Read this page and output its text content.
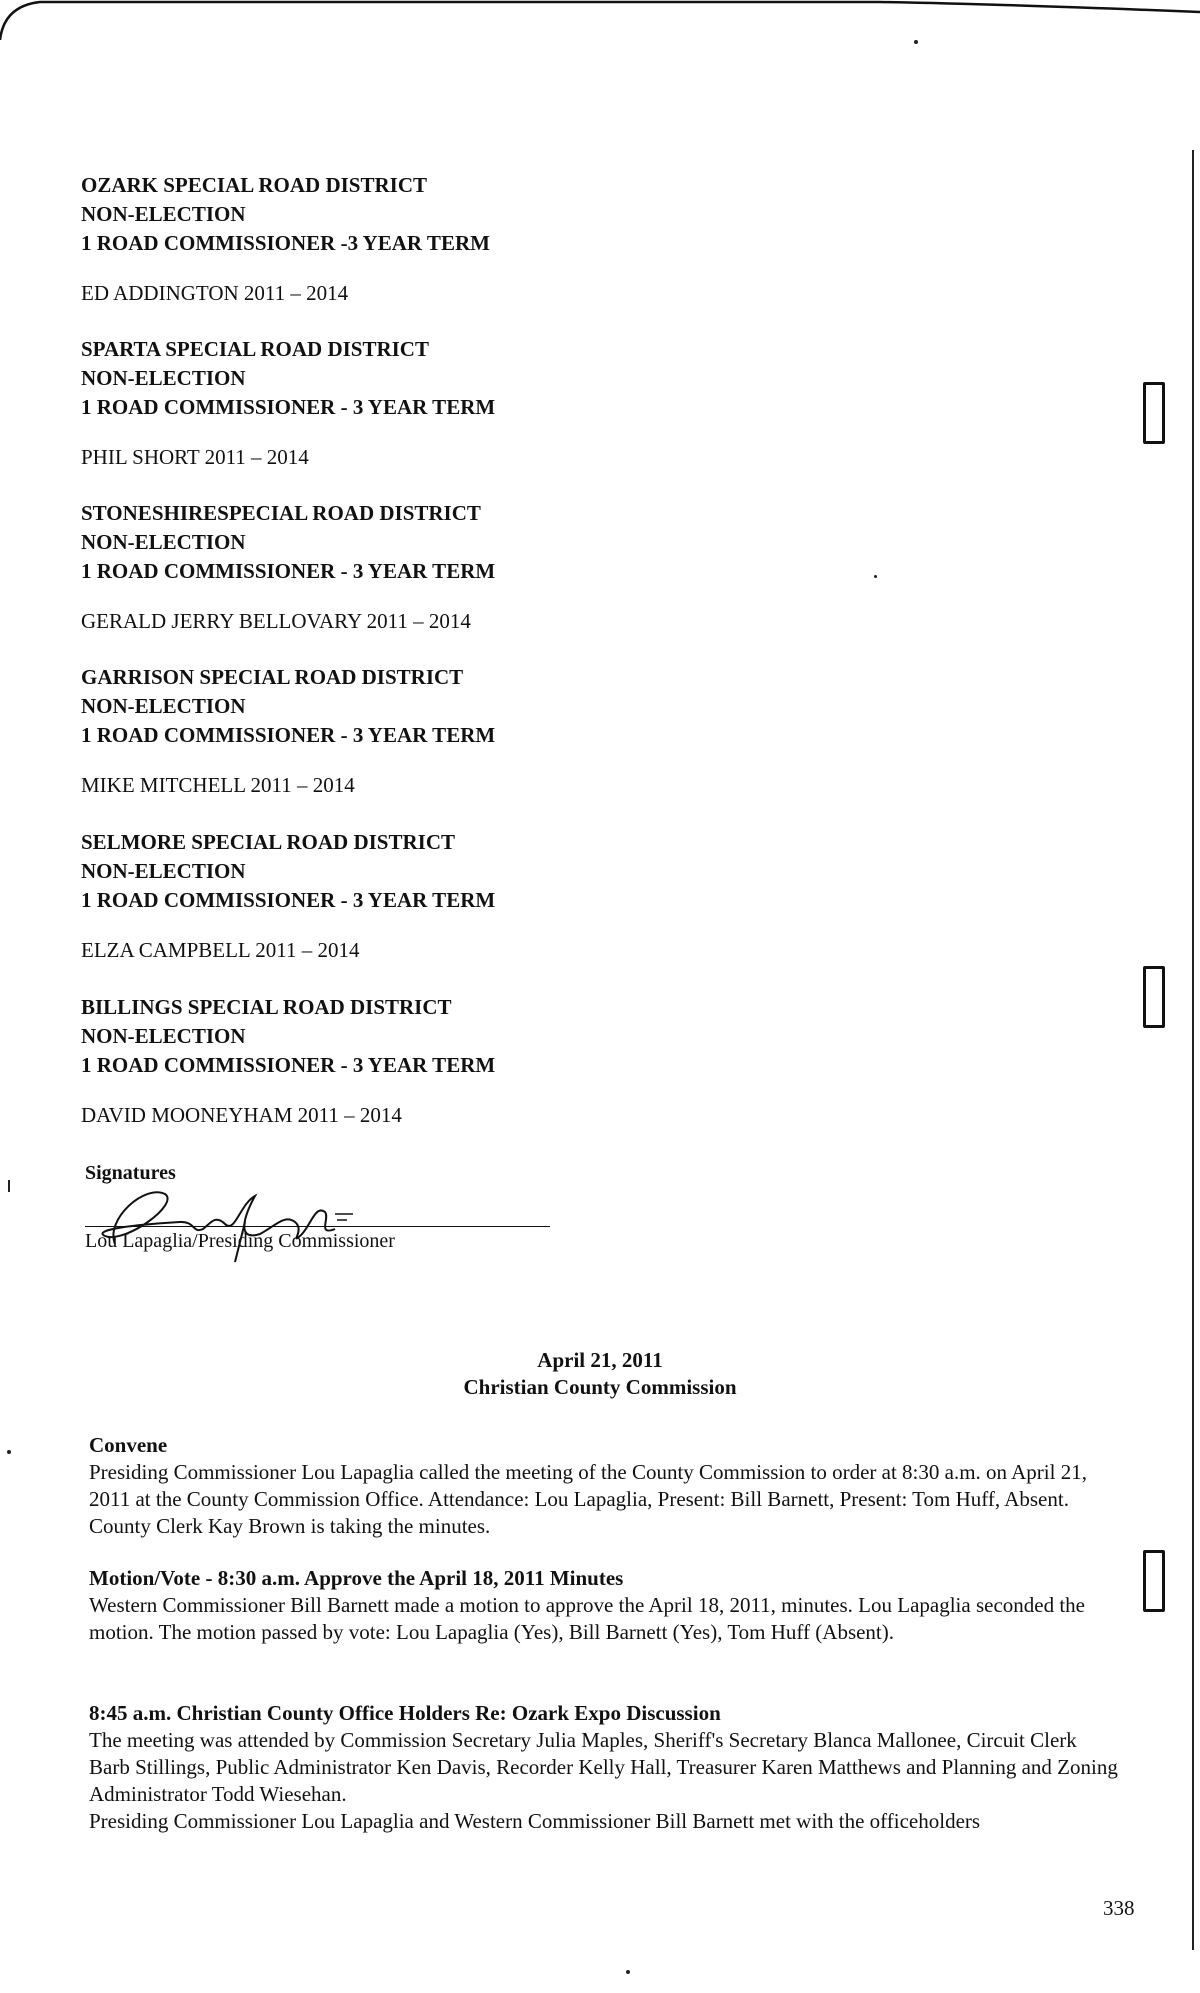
OZARK SPECIAL ROAD DISTRICT
NON-ELECTION
1 ROAD COMMISSIONER -3 YEAR TERM
ED ADDINGTON 2011 – 2014
SPARTA SPECIAL ROAD DISTRICT
NON-ELECTION
1 ROAD COMMISSIONER - 3 YEAR TERM
PHIL SHORT 2011 – 2014
STONESHIRESPECIAL ROAD DISTRICT
NON-ELECTION
1 ROAD COMMISSIONER - 3 YEAR TERM
GERALD JERRY BELLOVARY 2011 – 2014
GARRISON SPECIAL ROAD DISTRICT
NON-ELECTION
1 ROAD COMMISSIONER - 3 YEAR TERM
MIKE MITCHELL 2011 – 2014
SELMORE SPECIAL ROAD DISTRICT
NON-ELECTION
1 ROAD COMMISSIONER - 3 YEAR TERM
ELZA CAMPBELL 2011 – 2014
BILLINGS SPECIAL ROAD DISTRICT
NON-ELECTION
1 ROAD COMMISSIONER - 3 YEAR TERM
DAVID MOONEYHAM 2011 – 2014
Signatures
Lou Lapaglia/Presiding Commissioner
April 21, 2011
Christian County Commission
Convene
Presiding Commissioner Lou Lapaglia called the meeting of the County Commission to order at 8:30 a.m. on April 21, 2011 at the County Commission Office. Attendance: Lou Lapaglia, Present: Bill Barnett, Present: Tom Huff, Absent. County Clerk Kay Brown is taking the minutes.
Motion/Vote - 8:30 a.m. Approve the April 18, 2011 Minutes
Western Commissioner Bill Barnett made a motion to approve the April 18, 2011, minutes. Lou Lapaglia seconded the motion. The motion passed by vote: Lou Lapaglia (Yes), Bill Barnett (Yes), Tom Huff (Absent).
8:45 a.m. Christian County Office Holders Re: Ozark Expo Discussion
The meeting was attended by Commission Secretary Julia Maples, Sheriff's Secretary Blanca Mallonee, Circuit Clerk Barb Stillings, Public Administrator Ken Davis, Recorder Kelly Hall, Treasurer Karen Matthews and Planning and Zoning Administrator Todd Wiesehan.
Presiding Commissioner Lou Lapaglia and Western Commissioner Bill Barnett met with the officeholders
338
